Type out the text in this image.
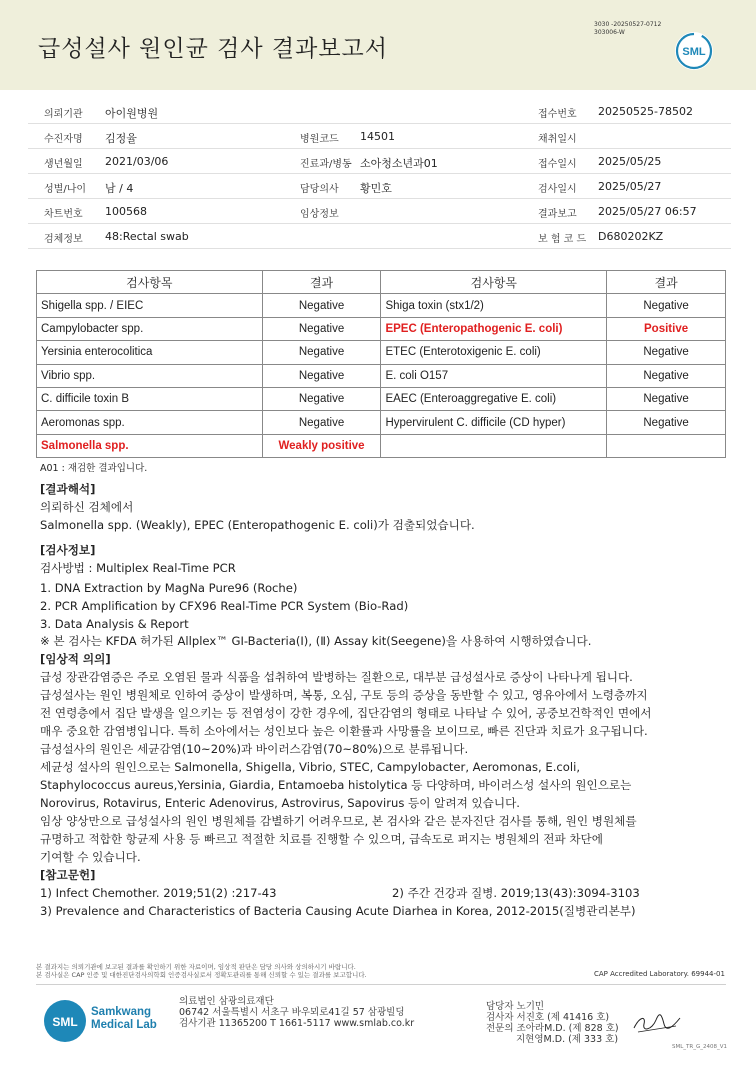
급성설사 원인균 검사 결과보고서
3030 -20250527-0712
303006-W
SML
의뢰기관 아이원병원	접수번호 20250525-78502
수진자명 김정율	병원코드 14501	채취일시
생년월일 2021/03/06	진료과/병동 소아청소년과01	접수일시 2025/05/25
성별/나이 남 / 4	담당의사 황민호	검사일시 2025/05/27
차트번호 100568	임상정보	결과보고 2025/05/27 06:57
검체정보 48:Rectal swab	보 험 코 드 D680202KZ
검사항목	결과	검사항목	결과
Shigella spp. / EIEC	Negative	Shiga toxin (stx1/2)	Negative
Campylobacter spp.	Negative	EPEC (Enteropathogenic E. coli)	Positive
Yersinia enterocolitica	Negative	ETEC (Enterotoxigenic E. coli)	Negative
Vibrio spp.	Negative	E. coli O157	Negative
C. difficile toxin B	Negative	EAEC (Enteroaggregative E. coli)	Negative
Aeromonas spp.	Negative	Hypervirulent C. difficile (CD hyper)	Negative
Salmonella spp.	Weakly positive		
A01 : 재검한 결과입니다.
[결과해석]
의뢰하신 검체에서
Salmonella spp. (Weakly), EPEC (Enteropathogenic E. coli)가 검출되었습니다.
[검사정보]
검사방법 : Multiplex Real-Time PCR
1. DNA Extraction by MagNa Pure96 (Roche)
2. PCR Amplification by CFX96 Real-Time PCR System (Bio-Rad)
3. Data Analysis & Report
※ 본 검사는 KFDA 허가된 Allplex™ GI-Bacteria(Ⅰ), (Ⅱ) Assay kit(Seegene)을 사용하여 시행하였습니다.
[임상적 의의]
급성 장관감염증은 주로 오염된 물과 식품을 섭취하여 발병하는 질환으로, 대부분 급성설사로 증상이 나타나게 됩니다.
급성설사는 원인 병원체로 인하여 증상이 발생하며, 복통, 오심, 구토 등의 증상을 동반할 수 있고, 영유아에서 노령층까지
전 연령층에서 집단 발생을 일으키는 등 전염성이 강한 경우에, 집단감염의 형태로 나타날 수 있어, 공중보건학적인 면에서
매우 중요한 감염병입니다. 특히 소아에서는 성인보다 높은 이환률과 사망률을 보이므로, 빠른 진단과 치료가 요구됩니다.
급성설사의 원인은 세균감염(10~20%)과 바이러스감염(70~80%)으로 분류됩니다.
세균성 설사의 원인으로는 Salmonella, Shigella, Vibrio, STEC, Campylobacter, Aeromonas, E.coli,
Staphylococcus aureus,Yersinia, Giardia, Entamoeba histolytica 등 다양하며, 바이러스성 설사의 원인으로는
Norovirus, Rotavirus, Enteric Adenovirus, Astrovirus, Sapovirus 등이 알려져 있습니다.
임상 양상만으로 급성설사의 원인 병원체를 감별하기 어려우므로, 본 검사와 같은 분자진단 검사를 통해, 원인 병원체를
규명하고 적합한 항균제 사용 등 빠르고 적절한 치료를 진행할 수 있으며, 급속도로 퍼지는 병원체의 전파 차단에
기여할 수 있습니다.
[참고문헌]
1) Infect Chemother. 2019;51(2) :217-43	2) 주간 건강과 질병. 2019;13(43):3094-3103
3) Prevalence and Characteristics of Bacteria Causing Acute Diarhea in Korea, 2012-2015(질병관리본부)
본 결과지는 의뢰기관에 보고된 결과를 확인하기 위한 자료이며, 임상적 판단은 담당 의사와 상의하시기 바랍니다.
본 검사실은 CAP 인증 및 대한진단검사의학회 인증검사실로서 정확도관리를 통해 신뢰할 수 있는 결과를 보고합니다.	CAP Accredited Laboratory. 69944-01
SML
Samkwang
Medical Lab
의료법인 삼광의료재단
06742 서울특별시 서초구 바우뫼로41길 57 삼광빌딩
검사기관 11365200 T 1661-5117 www.smlab.co.kr
담당자 노기민
검사자 서진호 (제 41416 호)
전문의 조아라M.D. (제 828 호)
지현영M.D. (제 333 호)
SML_TR_G_2408_V1
